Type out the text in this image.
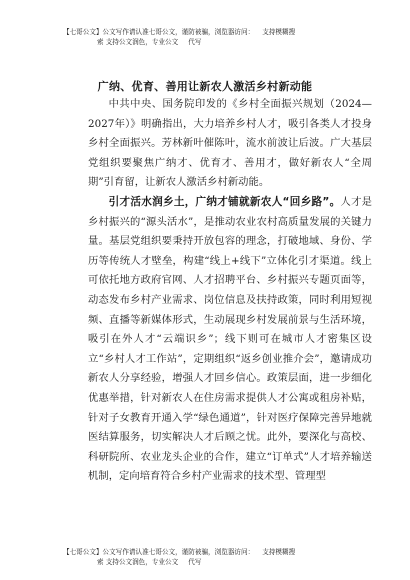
【七哥公文】公文写作请认准七哥公文，谨防被骗，浏览器访问： 支持模糊搜
索 支持公文润色，专业公文 代写
广纳、优育、善用让新农人激活乡村新动能

中共中央、国务院印发的《乡村全面振兴规划（2024—2027年）》明确指出，大力培养乡村人才，吸引各类人才投身乡村全面振兴。芳林新叶催陈叶，流水前波让后波。广大基层党组织要聚焦广纳才、优育才、善用才，做好新农人“全周期”引育留，让新农人激活乡村新动能。

引才活水润乡土，广纳才铺就新农人“回乡路”。人才是乡村振兴的“源头活水”，是推动农业农村高质量发展的关键力量。基层党组织要秉持开放包容的理念，打破地域、身份、学历等传统人才壁垒，构建“线上+线下”立体化引才渠道。线上可依托地方政府官网、人才招聘平台、乡村振兴专题页面等，动态发布乡村产业需求、岗位信息及扶持政策，同时利用短视频、直播等新媒体形式，生动展现乡村发展前景与生活环境，吸引在外人才“云端识乡”；线下则可在城市人才密集区设立“乡村人才工作站”，定期组织“返乡创业推介会”，邀请成功新农人分享经验，增强人才回乡信心。政策层面，进一步细化优惠举措，针对新农人在住房需求提供人才公寓或租房补贴，针对子女教育开通入学“绿色通道”，针对医疗保障完善异地就医结算服务，切实解决人才后顾之忧。此外，要深化与高校、科研院所、农业龙头企业的合作，建立“订单式”人才培养输送机制，定向培育符合乡村产业需求的技术型、管理型

【七哥公文】公文写作请认准七哥公文，谨防被骗，浏览器访问： 支持模糊搜
索 支持公文润色，专业公文 代写
